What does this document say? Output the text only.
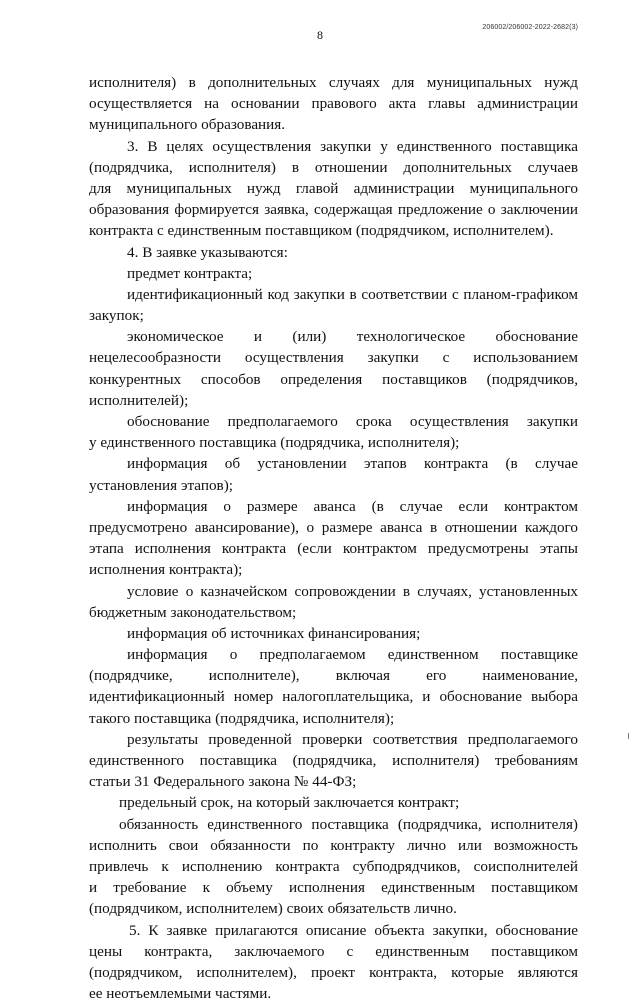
206002/206002-2022-2682(3)
8
исполнителя) в дополнительных случаях для муниципальных нужд
осуществляется на основании правового акта главы администрации
муниципального образования.
3. В целях осуществления закупки у единственного поставщика
(подрядчика, исполнителя) в отношении дополнительных случаев
для муниципальных нужд главой администрации муниципального
образования формируется заявка, содержащая предложение о заключении
контракта с единственным поставщиком (подрядчиком, исполнителем).
4. В заявке указываются:
предмет контракта;
идентификационный код закупки в соответствии с планом-графиком
закупок;
экономическое и (или) технологическое обоснование
нецелесообразности осуществления закупки с использованием
конкурентных способов определения поставщиков (подрядчиков,
исполнителей);
обоснование предполагаемого срока осуществления закупки
у единственного поставщика (подрядчика, исполнителя);
информация об установлении этапов контракта (в случае
установления этапов);
информация о размере аванса (в случае если контрактом
предусмотрено авансирование), о размере аванса в отношении каждого
этапа исполнения контракта (если контрактом предусмотрены этапы
исполнения контракта);
условие о казначейском сопровождении в случаях, установленных
бюджетным законодательством;
информация об источниках финансирования;
информация о предполагаемом единственном поставщике
(подрядчике, исполнителе), включая его наименование,
идентификационный номер налогоплательщика, и обоснование выбора
такого поставщика (подрядчика, исполнителя);
результаты проведенной проверки соответствия предполагаемого
единственного поставщика (подрядчика, исполнителя) требованиям
статьи 31 Федерального закона № 44-ФЗ;
предельный срок, на который заключается контракт;
обязанность единственного поставщика (подрядчика, исполнителя)
исполнить свои обязанности по контракту лично или возможность
привлечь к исполнению контракта субподрядчиков, соисполнителей
и требование к объему исполнения единственным поставщиком
(подрядчиком, исполнителем) своих обязательств лично.
5. К заявке прилагаются описание объекта закупки, обоснование
цены контракта, заключаемого с единственным поставщиком
(подрядчиком, исполнителем), проект контракта, которые являются
ее неотъемлемыми частями.
